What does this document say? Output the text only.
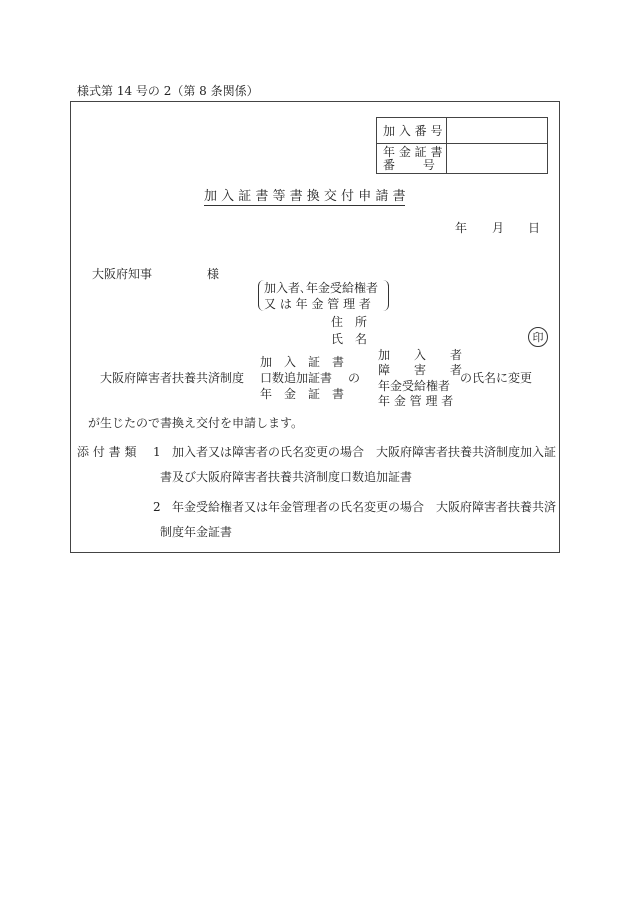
様式第 14 号の 2（第 8 条関係）
加 入 番 号	

年 金 証 書
番　　 号	

加 入 証 書 等 書 換 交 付 申 請 書
年 月 日
大阪府知事	様
加入者､年金受給権者
又 は 年 金 管 理 者
住　所
氏　名	印
大阪府障害者扶養共済制度
加　入　証　書
口数追加証書
年　金　証　書
の
加　　入　　者
障　　害　　者
年金受給権者
年 金 管 理 者
の氏名に変更
が生じたので書換え交付を申請します。
添 付 書 類 1 加入者又は障害者の氏名変更の場合　大阪府障害者扶養共済制度加入証
書及び大阪府障害者扶養共済制度口数追加証書
2 年金受給権者又は年金管理者の氏名変更の場合　大阪府障害者扶養共済
制度年金証書
